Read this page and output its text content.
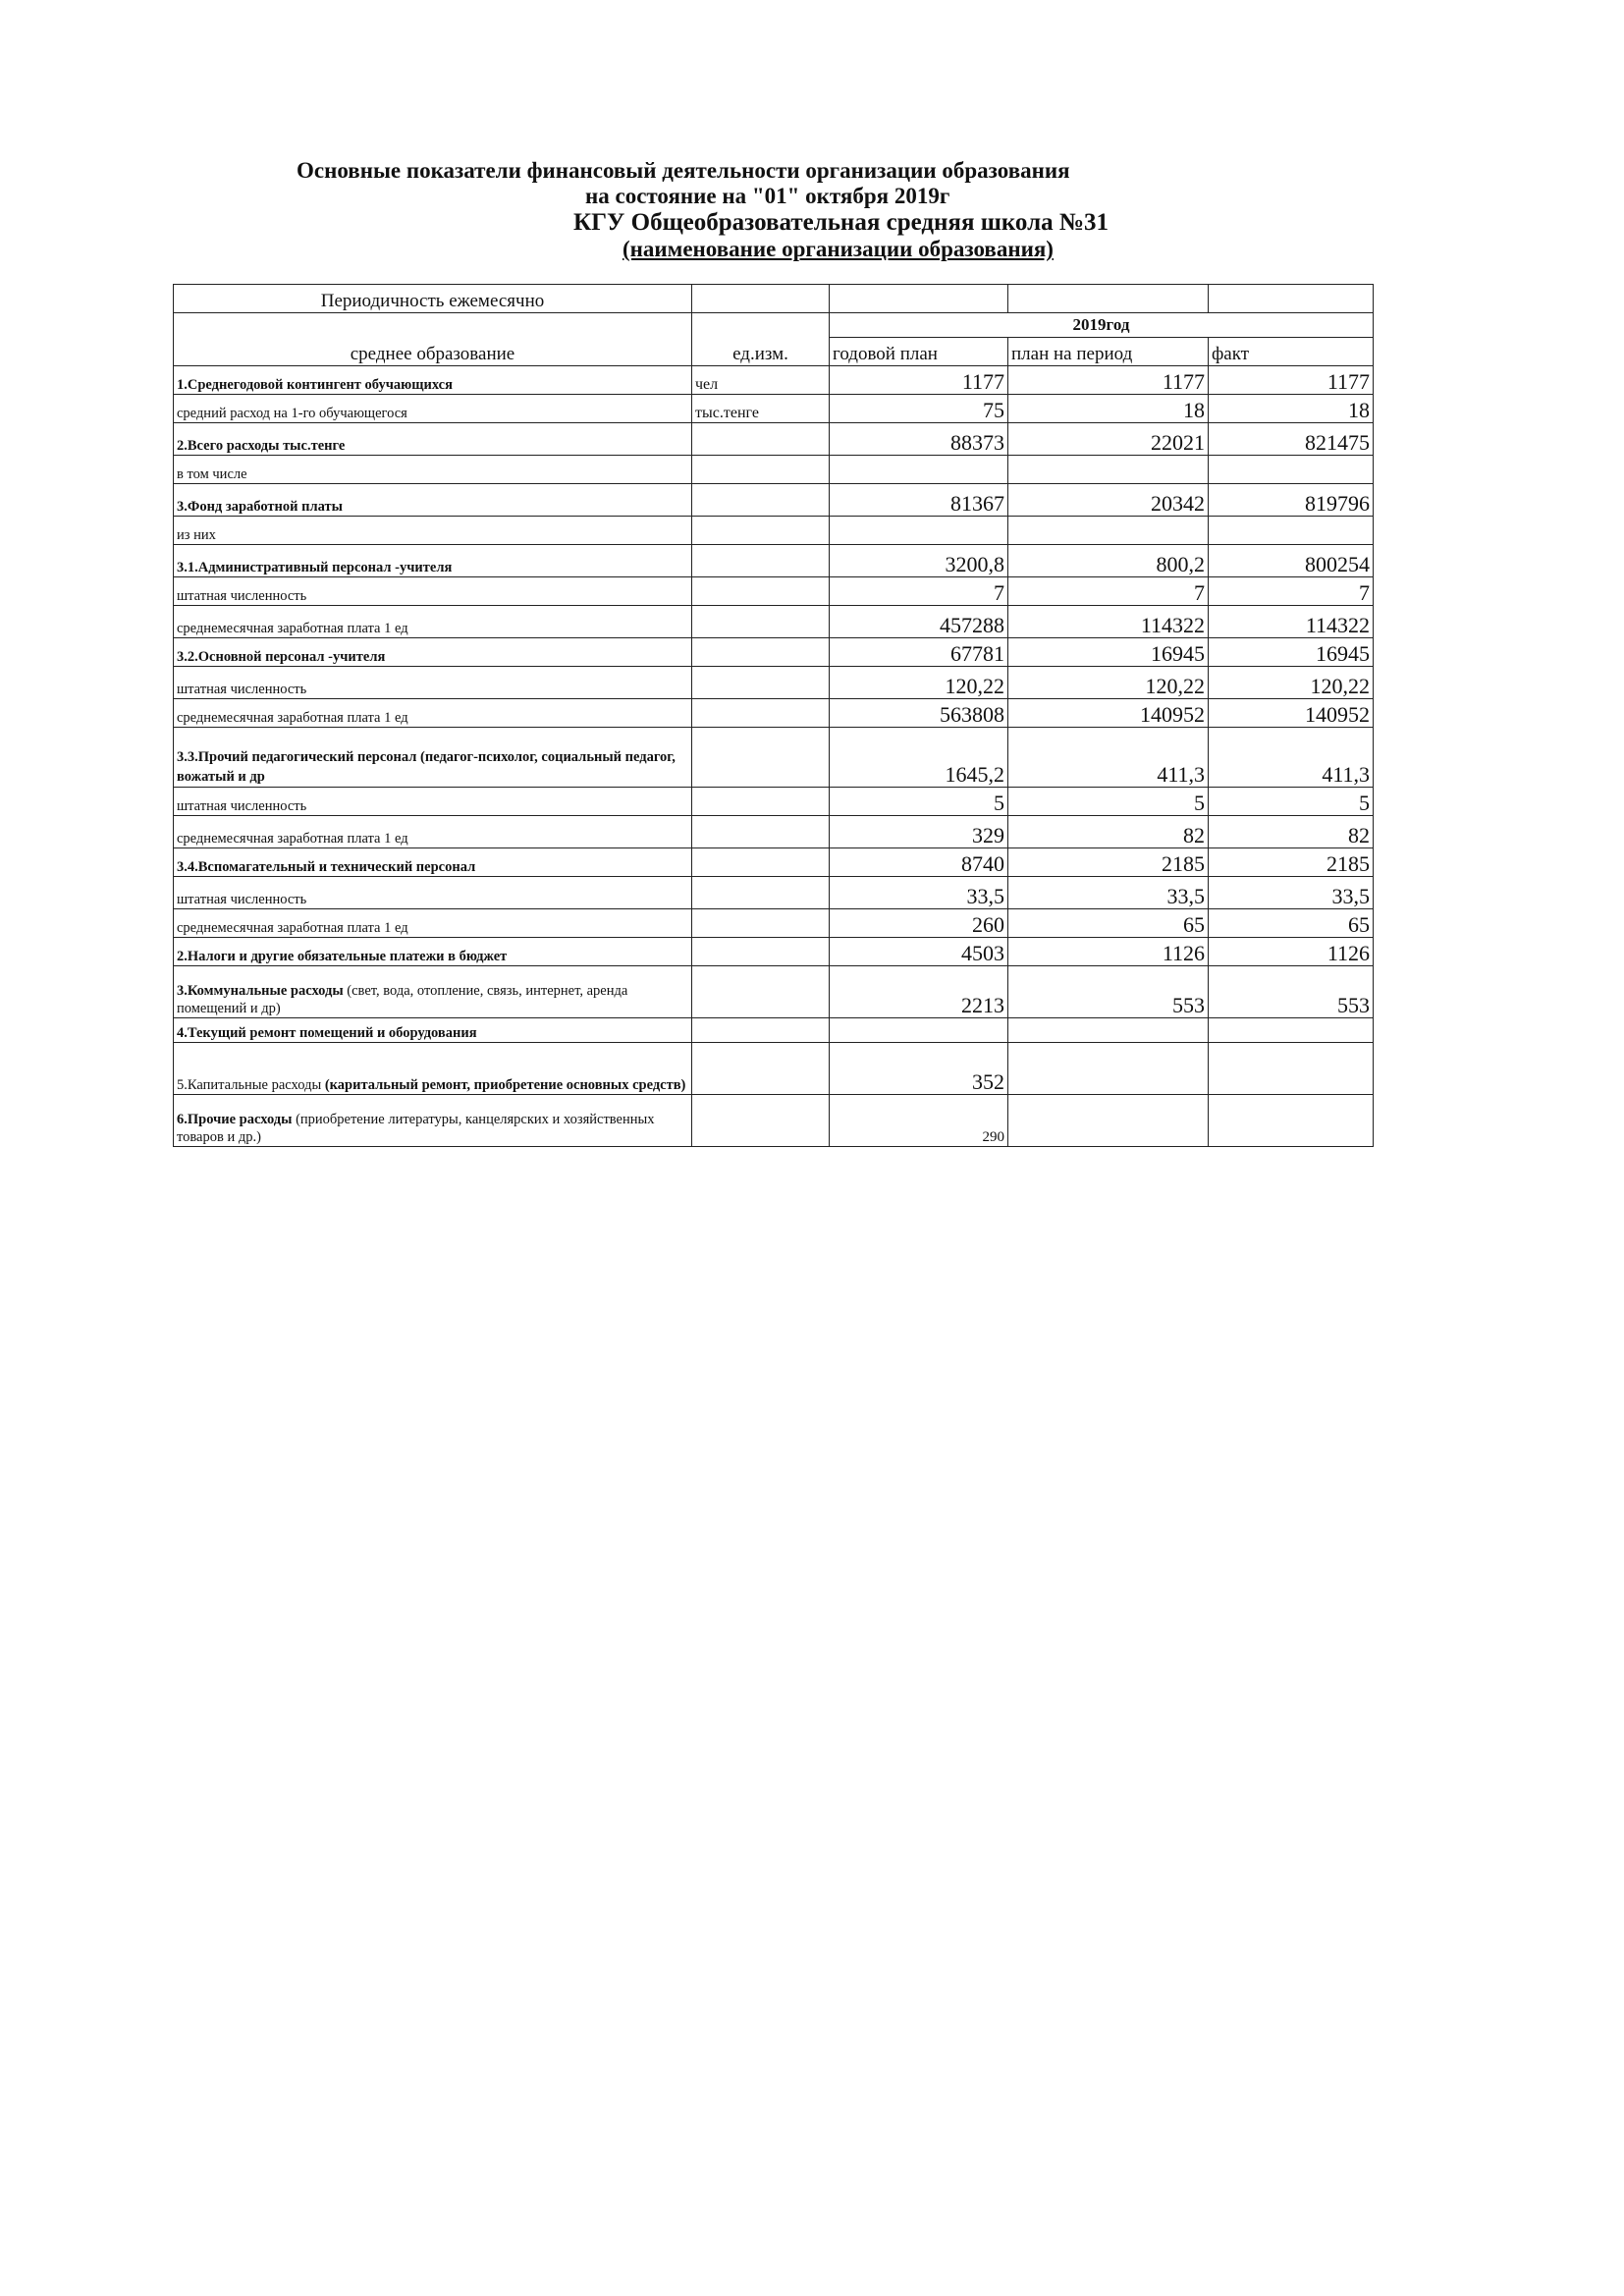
Основные показатели финансовый деятельности организации образования
на состояние на "01" октября 2019г
КГУ Общеобразовательная средняя школа №31
(наименование организации образования)
Периодичность ежемесячно				
среднее образование	ед.изм.	2019год		
		годовой план	план на период	факт
1.Среднегодовой контингент обучающихся	чел	1177	1177	1177
средний расход на 1-го обучающегося	тыс.тенге	75	18	18
2.Всего расходы тыс.тенге		88373	22021	821475
в том числе				
3.Фонд заработной платы		81367	20342	819796
из них				
3.1.Административный персонал -учителя		3200,8	800,2	800254
штатная численность		7	7	7
среднемесячная заработная плата 1 ед		457288	114322	114322
3.2.Основной персонал -учителя		67781	16945	16945
штатная численность		120,22	120,22	120,22
среднемесячная заработная плата 1 ед		563808	140952	140952
3.3.Прочий педагогический персонал (педагог-психолог, социальный педагог, вожатый и др		1645,2	411,3	411,3
штатная численность		5	5	5
среднемесячная заработная плата 1 ед		329	82	82
3.4.Вспомагательный и технический персонал		8740	2185	2185
штатная численность		33,5	33,5	33,5
среднемесячная заработная плата 1 ед		260	65	65
2.Налоги и другие обязательные платежи в бюджет		4503	1126	1126
3.Коммунальные расходы (свет, вода, отопление, связь, интернет, аренда помещений и др)		2213	553	553
4.Текущий ремонт помещений и оборудования				
5.Капитальные расходы (каритальный ремонт, приобретение основных средств)		352		
6.Прочие расходы (приобретение литературы, канцелярских и хозяйственных товаров и др.)		290		
